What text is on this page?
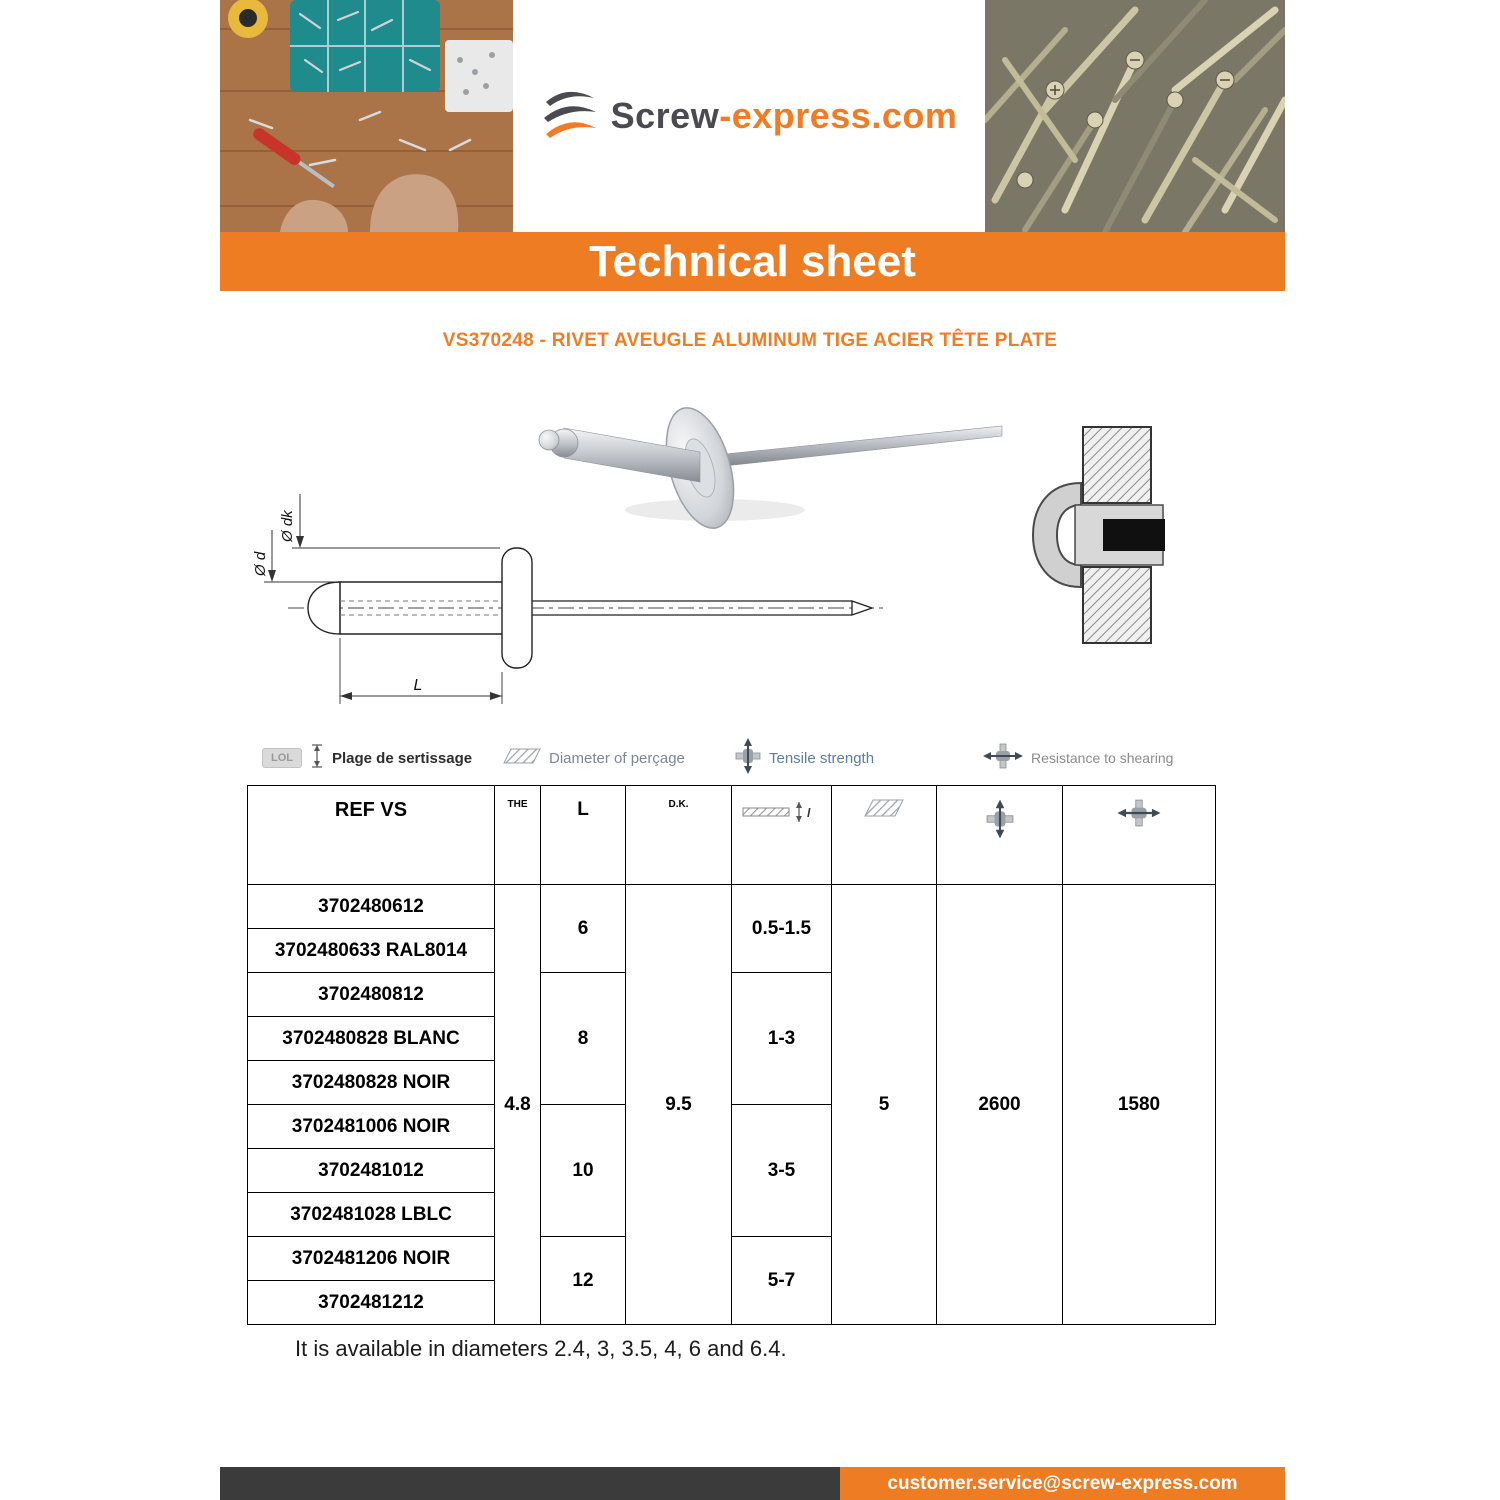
Screw-express.com
Technical sheet
VS370248 - RIVET AVEUGLE ALUMINUM TIGE ACIER TÊTE PLATE
Ø dk
Ø d
L
LOL	Plage de sertissage	Diameter of perçage	Tensile strength	Resistance to shearing
REF VS	THE	L	D.K.	l

3702480612	4.8	6	9.5	0.5-1.5	5	2600	1580
3702480633 RAL8014							
3702480812		8		1-3			
3702480828 BLANC							
3702480828 NOIR							
3702481006 NOIR		10		3-5			
3702481012							
3702481028 LBLC							
3702481206 NOIR		12		5-7			
3702481212							
It is available in diameters 2.4, 3, 3.5, 4, 6 and 6.4.
customer.service@screw-express.com
